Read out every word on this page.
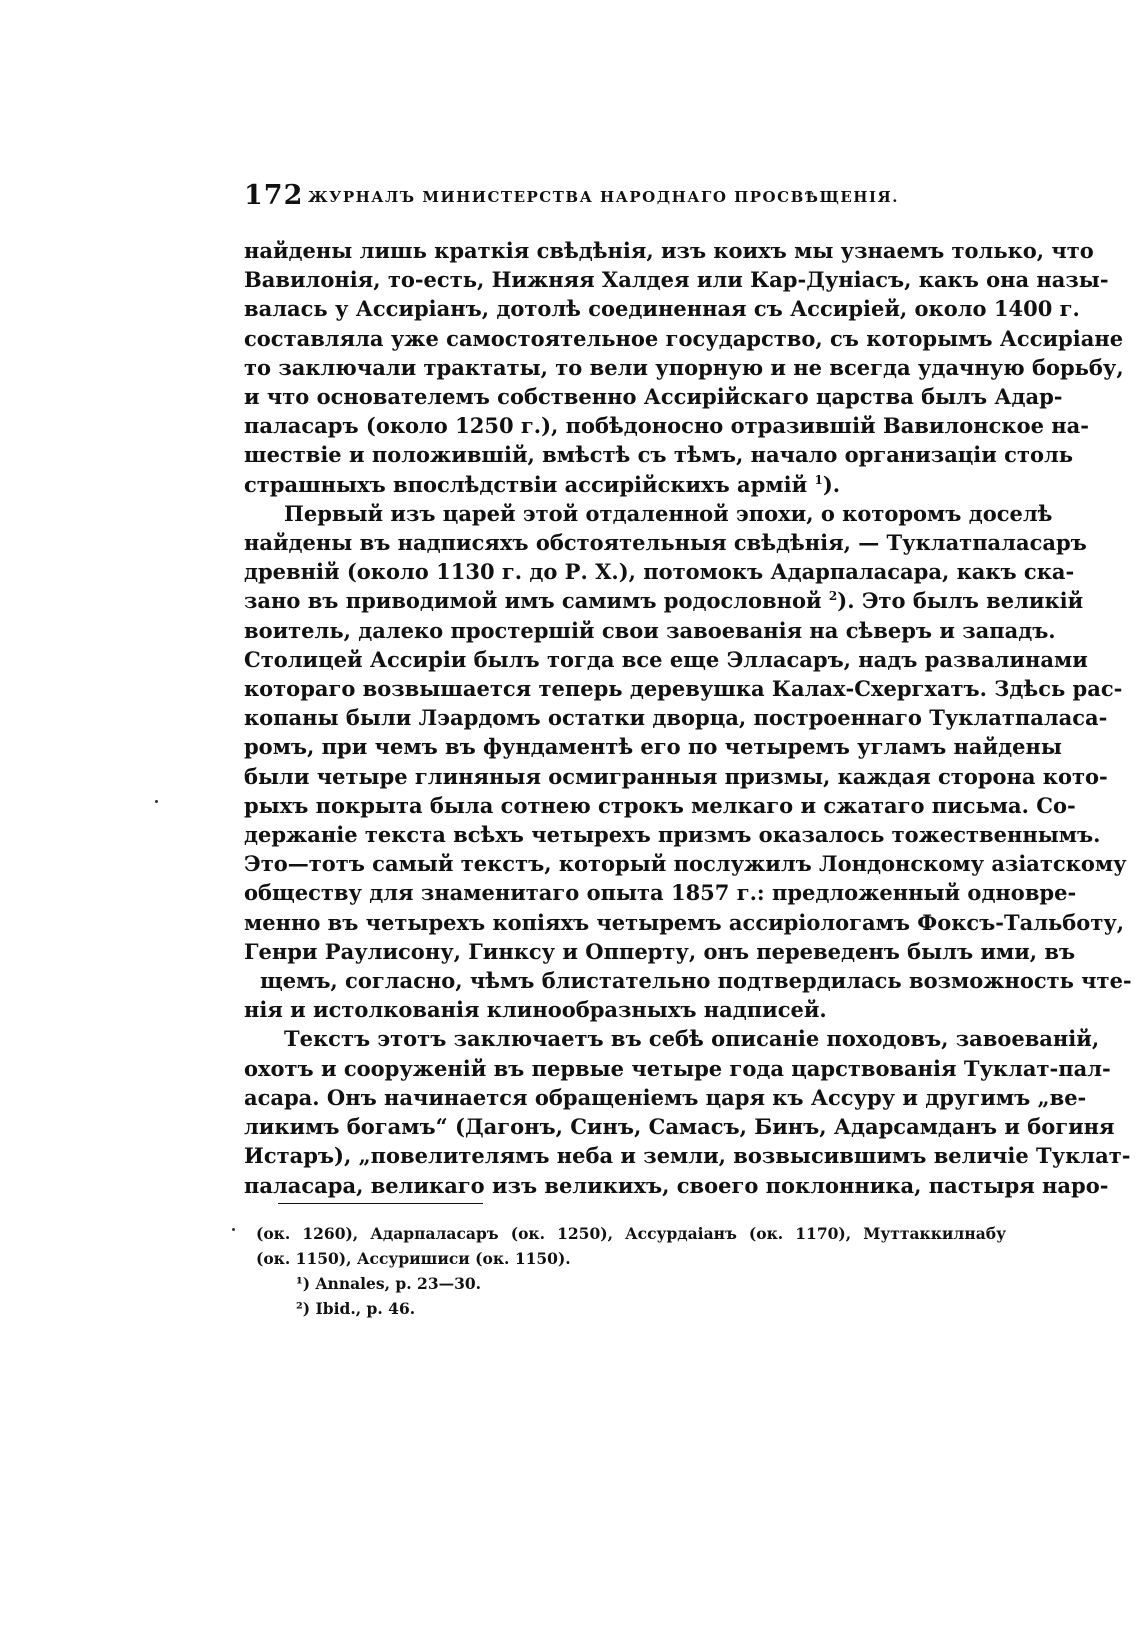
172 ЖУРНАЛЪ МИНИСТЕРСТВА НАРОДНАГО ПРОСВѢЩЕНІЯ.

найдены лишь краткія свѣдѣнія, изъ коихъ мы узнаемъ только, что

Вавилонія, то-есть, Нижняя Халдея или Кар-Дуніасъ, какъ она назы-

валась у Ассиріанъ, дотолѣ соединенная съ Ассиріей, около 1400 г.

составляла уже самостоятельное государство, съ которымъ Ассиріане

то заключали трактаты, то вели упорную и не всегда удачную борьбу,

и что основателемъ собственно Ассирійскаго царства былъ Адар-

паласаръ (около 1250 г.), побѣдоносно отразившій Вавилонское на-

шествіе и положившій, вмѣстѣ съ тѣмъ, начало организаціи столь

страшныхъ впослѣдствіи ассирійскихъ армій $^1$).

Первый изъ царей этой отдаленной эпохи, о которомъ доселѣ

найдены въ надписяхъ обстоятельныя свѣдѣнія, — Туклатпаласаръ

древній (около 1130 г. до Р. Х.), потомокъ Адарпаласара, какъ ска-

зано въ приводимой имъ самимъ родословной $^2$). Это былъ великій

воитель, далеко простершій свои завоеванія на сѣверъ и западъ.

Столицей Ассиріи былъ тогда все еще Элласаръ, надъ развалинами

котораго возвышается теперь деревушка Калах-Схергхатъ. Здѣсь рас-

копаны были Лэардомъ остатки дворца, построеннаго Туклатпаласа-

ромъ, при чемъ въ фундаментѣ его по четыремъ угламъ найдены

были четыре глиняныя осмигранныя призмы, каждая сторона кото-

рыхъ покрыта была сотнею строкъ мелкаго и сжатаго письма. Со-

держаніе текста всѣхъ четырехъ призмъ оказалось тожественнымъ.

Это—тотъ самый текстъ, который послужилъ Лондонскому азіатскому

обществу для знаменитаго опыта 1857 г.: предложенный одновре-

менно въ четырехъ копіяхъ четыремъ ассиріологамъ Фоксъ-Тальботу,

Генри Раулисону, Гинксу и Опперту, онъ переведенъ былъ ими, въ

щемъ, согласно, чѣмъ блистательно подтвердилась возможность чте-

нія и истолкованія клинообразныхъ надписей.

Текстъ этотъ заключаетъ въ себѣ описаніе походовъ, завоеваній,

охотъ и сооруженій въ первые четыре года царствованія Туклат-пал-

асара. Онъ начинается обращеніемъ царя къ Ассуру и другимъ „ве-

ликимъ богамъ“ (Дагонъ, Синъ, Самасъ, Бинъ, Адарсамданъ и богиня

Истаръ), „повелителямъ неба и земли, возвысившимъ величіе Туклат-

паласара, великаго изъ великихъ, своего поклонника, пастыря наро-

(ок. 1260), Адарпаласаръ (ок. 1250), Ассурдаіанъ (ок. 1170), Муттаккилнабу

(ок. 1150), Ассуришиси (ок. 1150).

¹) Annales, p. 23—30.

²) Ibid., p. 46.
